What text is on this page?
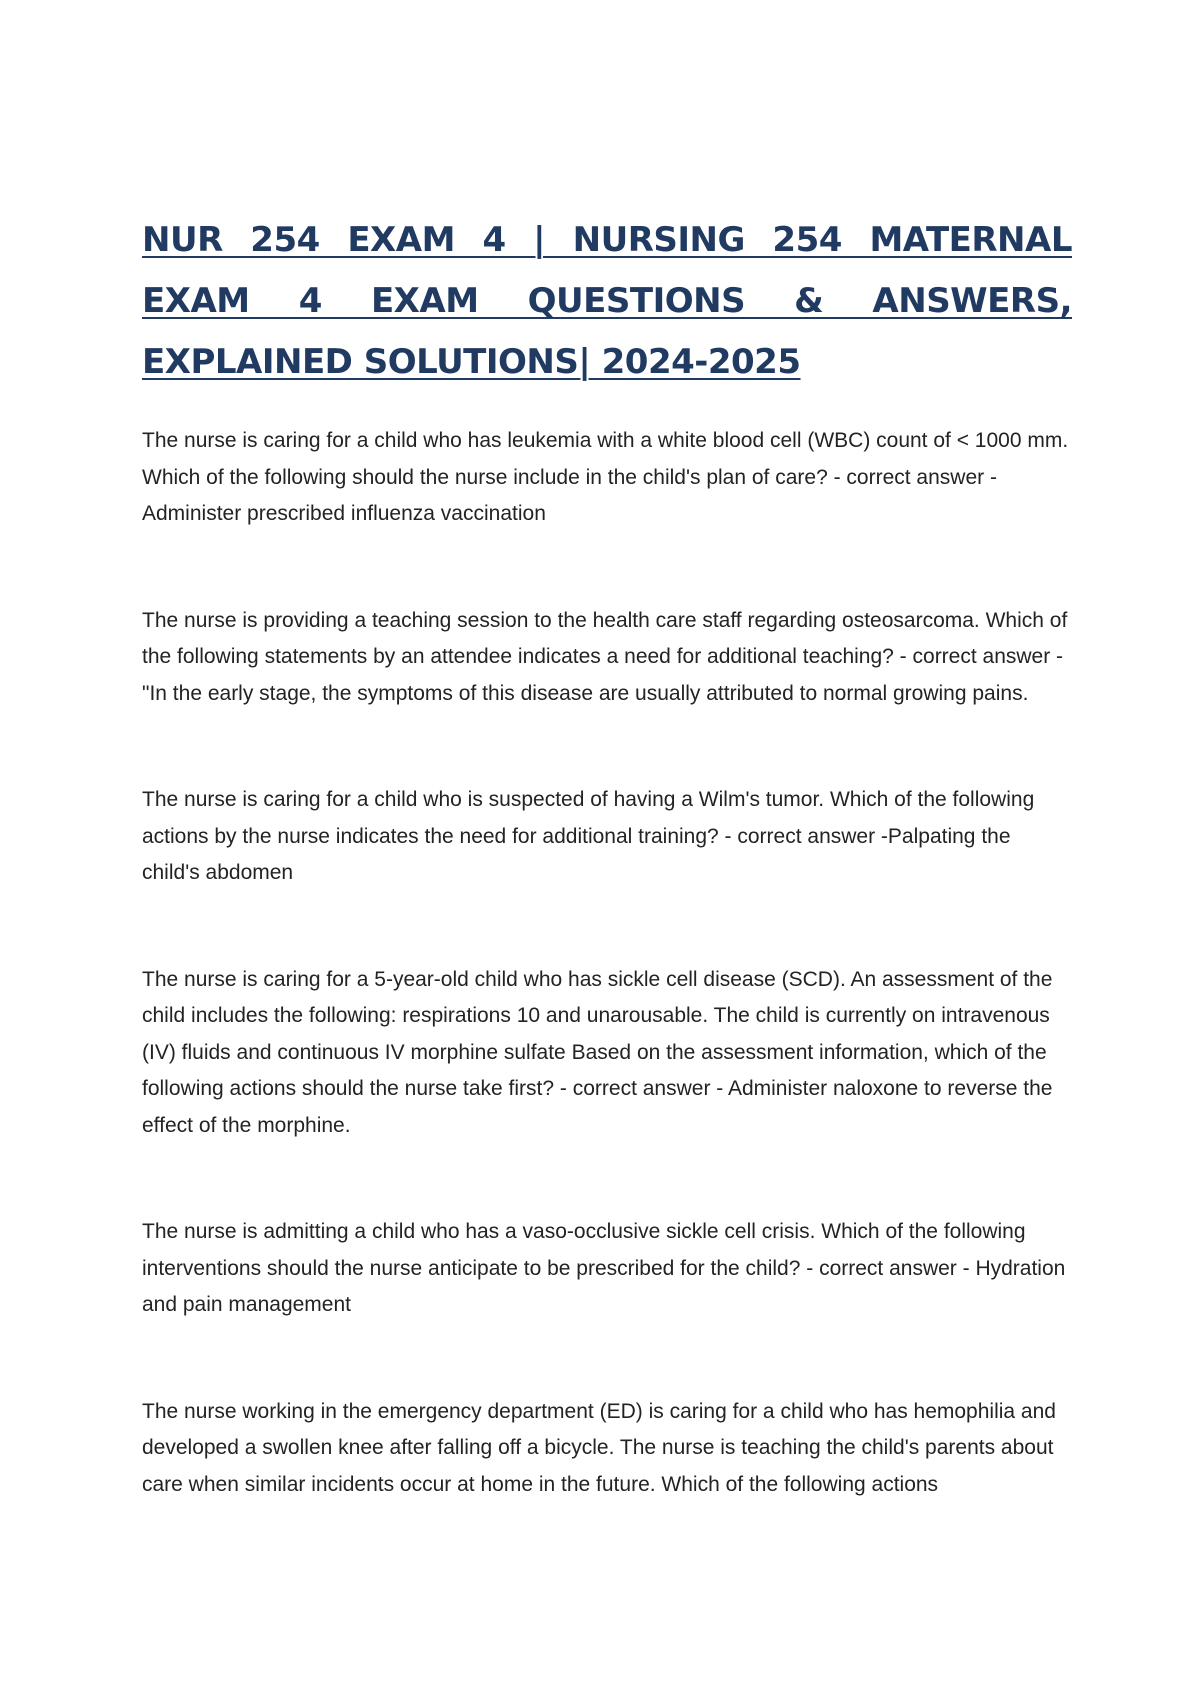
NUR 254 EXAM 4 | NURSING 254 MATERNAL EXAM 4 EXAM QUESTIONS & ANSWERS, EXPLAINED SOLUTIONS| 2024-2025

The nurse is caring for a child who has leukemia with a white blood cell (WBC) count of < 1000 mm. Which of the following should the nurse include in the child's plan of care? - correct answer -Administer prescribed influenza vaccination

The nurse is providing a teaching session to the health care staff regarding osteosarcoma. Which of the following statements by an attendee indicates a need for additional teaching? - correct answer -"In the early stage, the symptoms of this disease are usually attributed to normal growing pains.

The nurse is caring for a child who is suspected of having a Wilm's tumor. Which of the following actions by the nurse indicates the need for additional training? - correct answer -Palpating the child's abdomen

The nurse is caring for a 5-year-old child who has sickle cell disease (SCD). An assessment of the child includes the following: respirations 10 and unarousable. The child is currently on intravenous (IV) fluids and continuous IV morphine sulfate Based on the assessment information, which of the following actions should the nurse take first? - correct answer - Administer naloxone to reverse the effect of the morphine.

The nurse is admitting a child who has a vaso-occlusive sickle cell crisis. Which of the following interventions should the nurse anticipate to be prescribed for the child? - correct answer - Hydration and pain management

The nurse working in the emergency department (ED) is caring for a child who has hemophilia and developed a swollen knee after falling off a bicycle. The nurse is teaching the child's parents about care when similar incidents occur at home in the future. Which of the following actions
